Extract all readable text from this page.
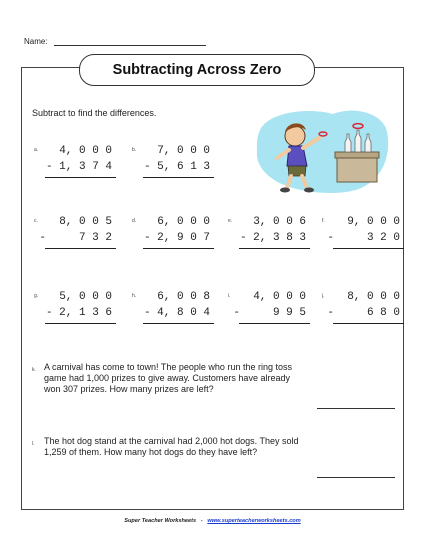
Name:
Subtracting Across Zero
Subtract to find the differences.
a. 4, 0 0 0
- 1, 3 7 4
b. 7, 0 0 0
- 5, 6 1 3
c. 8, 0 0 5
-     7 3 2
d. 6, 0 0 0
- 2, 9 0 7
e. 3, 0 0 6
- 2, 3 8 3
f. 9, 0 0 0
-     3 2 0
g. 5, 0 0 0
- 2, 1 3 6
h. 6, 0 0 8
- 4, 8 0 4
i. 4, 0 0 0
-     9 9 5
j. 8, 0 0 0
-     6 8 0
k. A carnival has come to town! The people who run the ring toss game had 1,000 prizes to give away. Customers have already won 307 prizes. How many prizes are left?
l. The hot dog stand at the carnival had 2,000 hot dogs. They sold 1,259 of them. How many hot dogs do they have left?
Super Teacher Worksheets - www.superteacherworksheets.com
